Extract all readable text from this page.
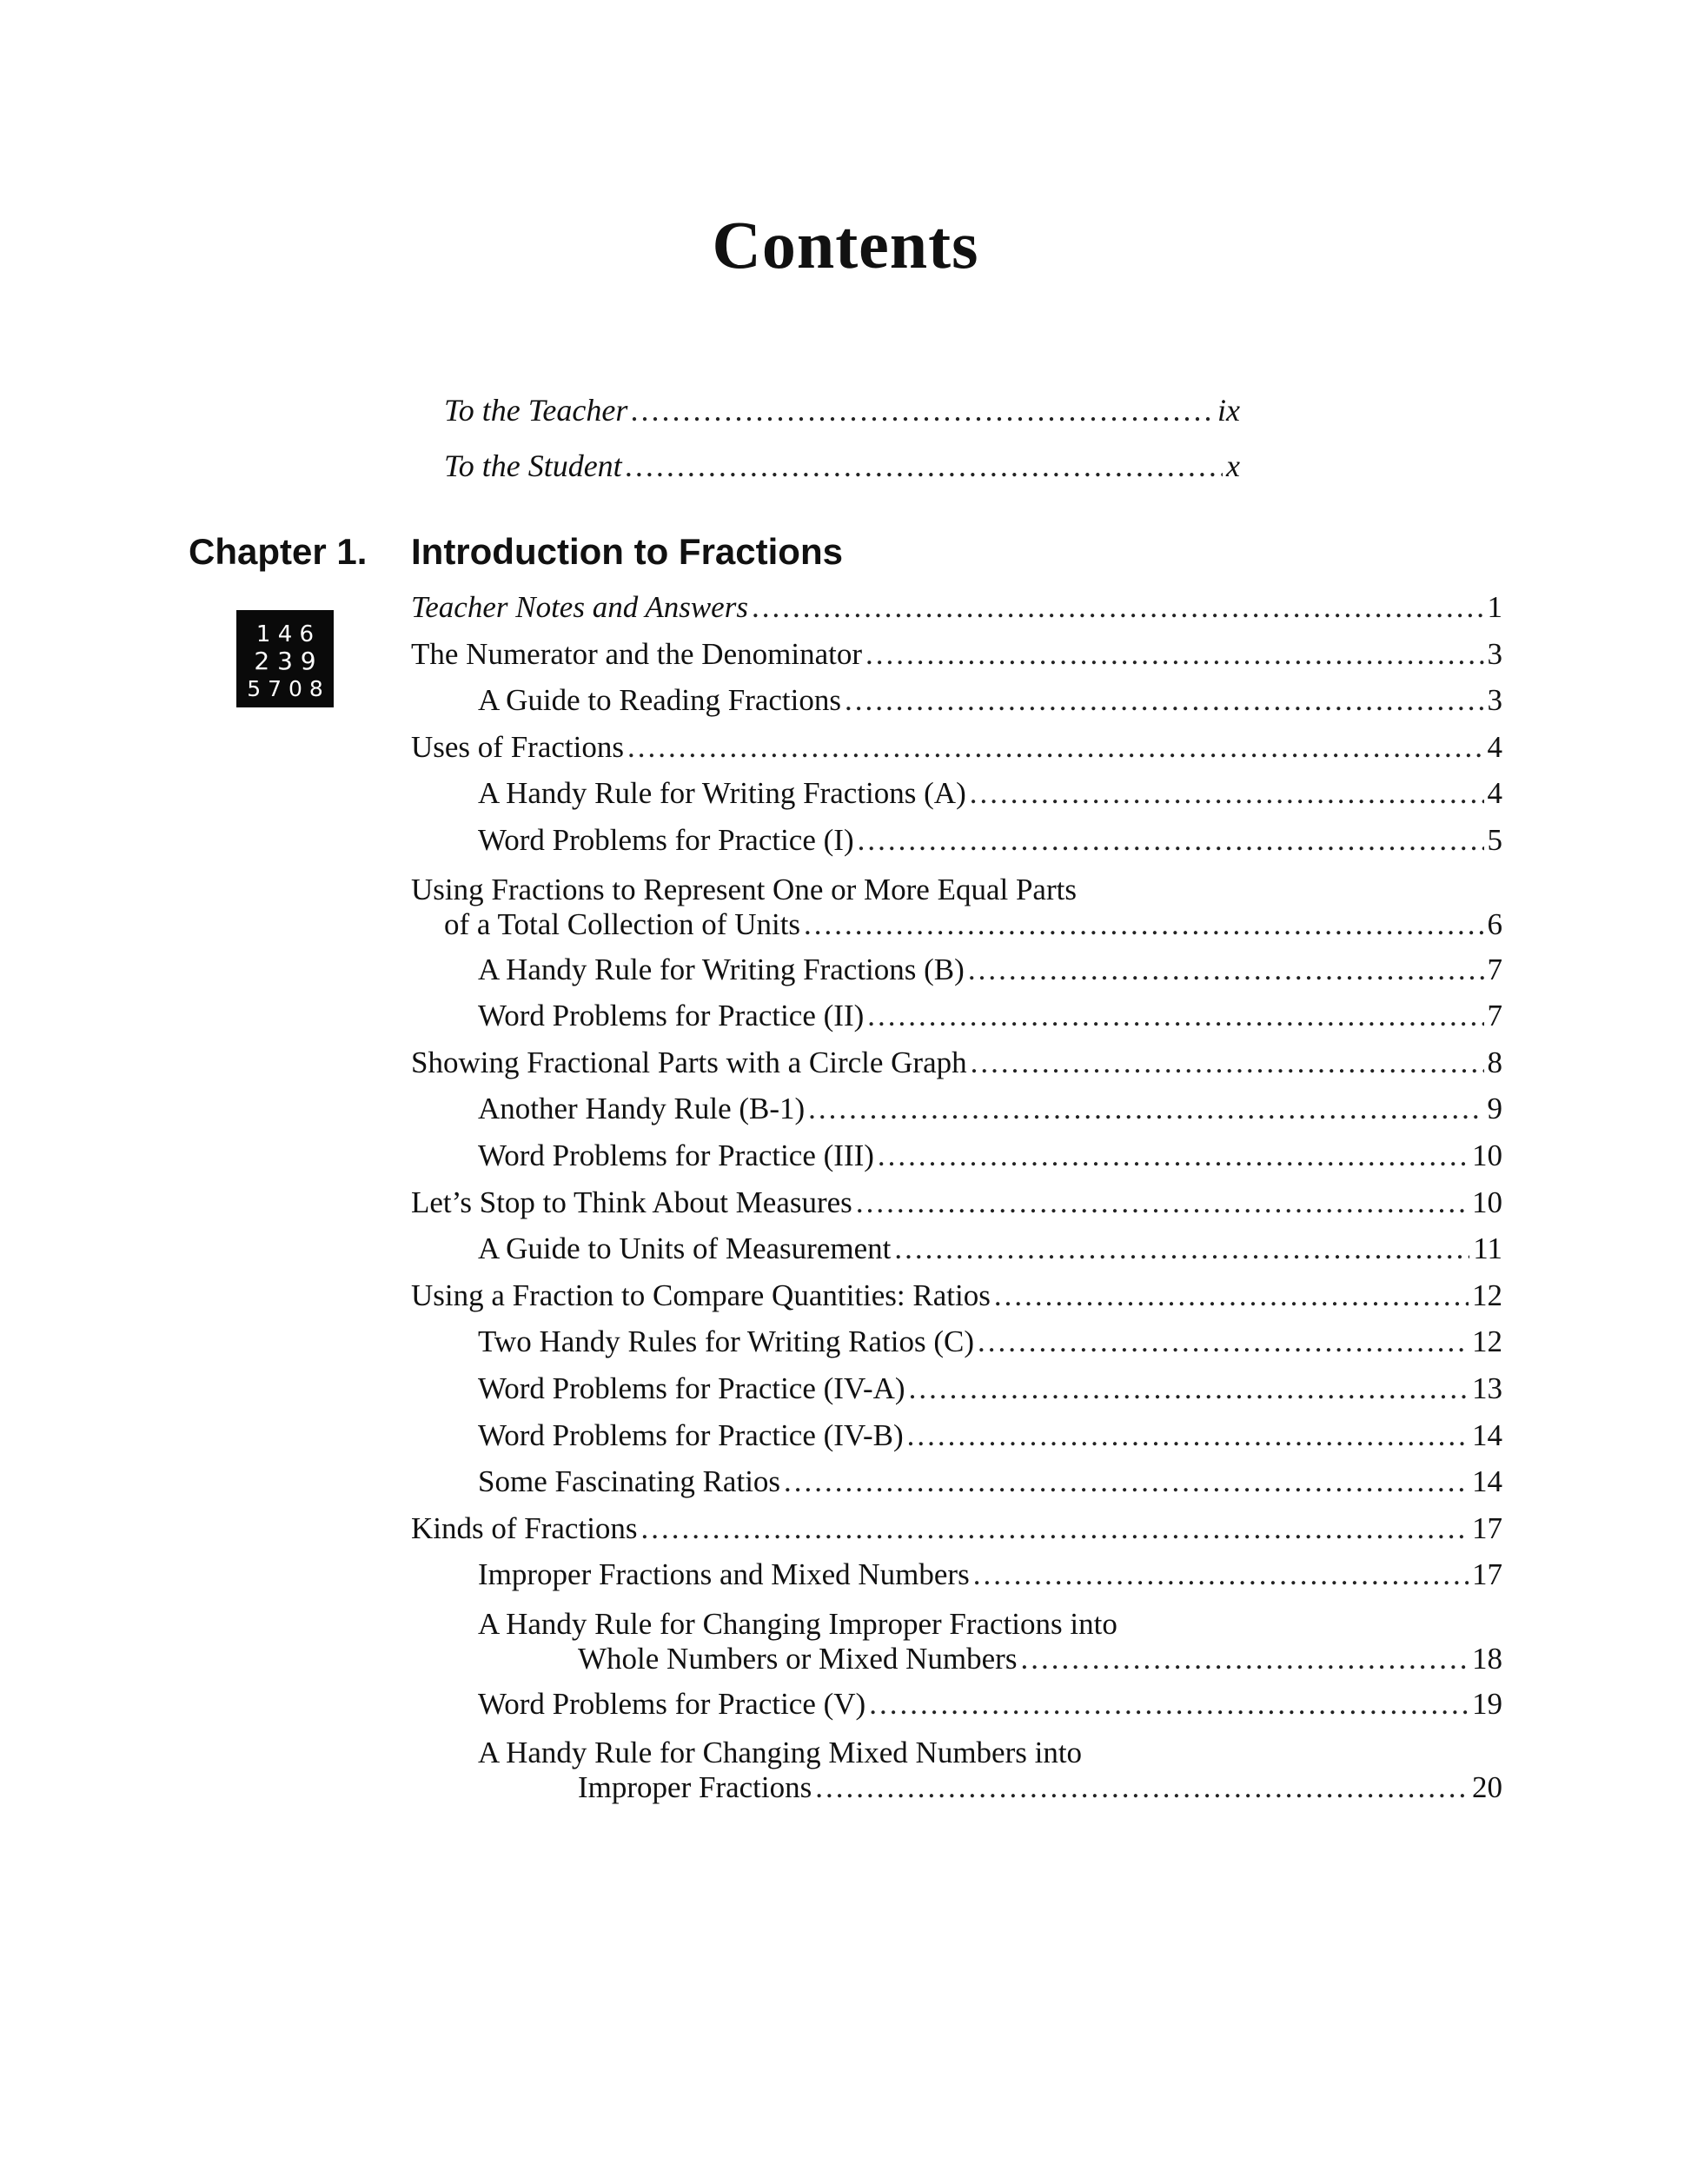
Contents
To the Teacher .....	ix
To the Student .....	x
Chapter 1. Introduction to Fractions
1 4 6
2 3 9
5 7 0 8
Teacher Notes and Answers .....	1
The Numerator and the Denominator .....	3
A Guide to Reading Fractions .....	3
Uses of Fractions .....	4
A Handy Rule for Writing Fractions (A) .....	4
Word Problems for Practice (I) .....	5
Using Fractions to Represent One or More Equal Parts
of a Total Collection of Units .....	6
A Handy Rule for Writing Fractions (B) .....	7
Word Problems for Practice (II) .....	7
Showing Fractional Parts with a Circle Graph .....	8
Another Handy Rule (B-1) .....	9
Word Problems for Practice (III) .....	10
Let’s Stop to Think About Measures .....	10
A Guide to Units of Measurement .....	11
Using a Fraction to Compare Quantities: Ratios .....	12
Two Handy Rules for Writing Ratios (C) .....	12
Word Problems for Practice (IV-A) .....	13
Word Problems for Practice (IV-B) .....	14
Some Fascinating Ratios .....	14
Kinds of Fractions .....	17
Improper Fractions and Mixed Numbers .....	17
A Handy Rule for Changing Improper Fractions into
Whole Numbers or Mixed Numbers .....	18
Word Problems for Practice (V) .....	19
A Handy Rule for Changing Mixed Numbers into
Improper Fractions .....	20
